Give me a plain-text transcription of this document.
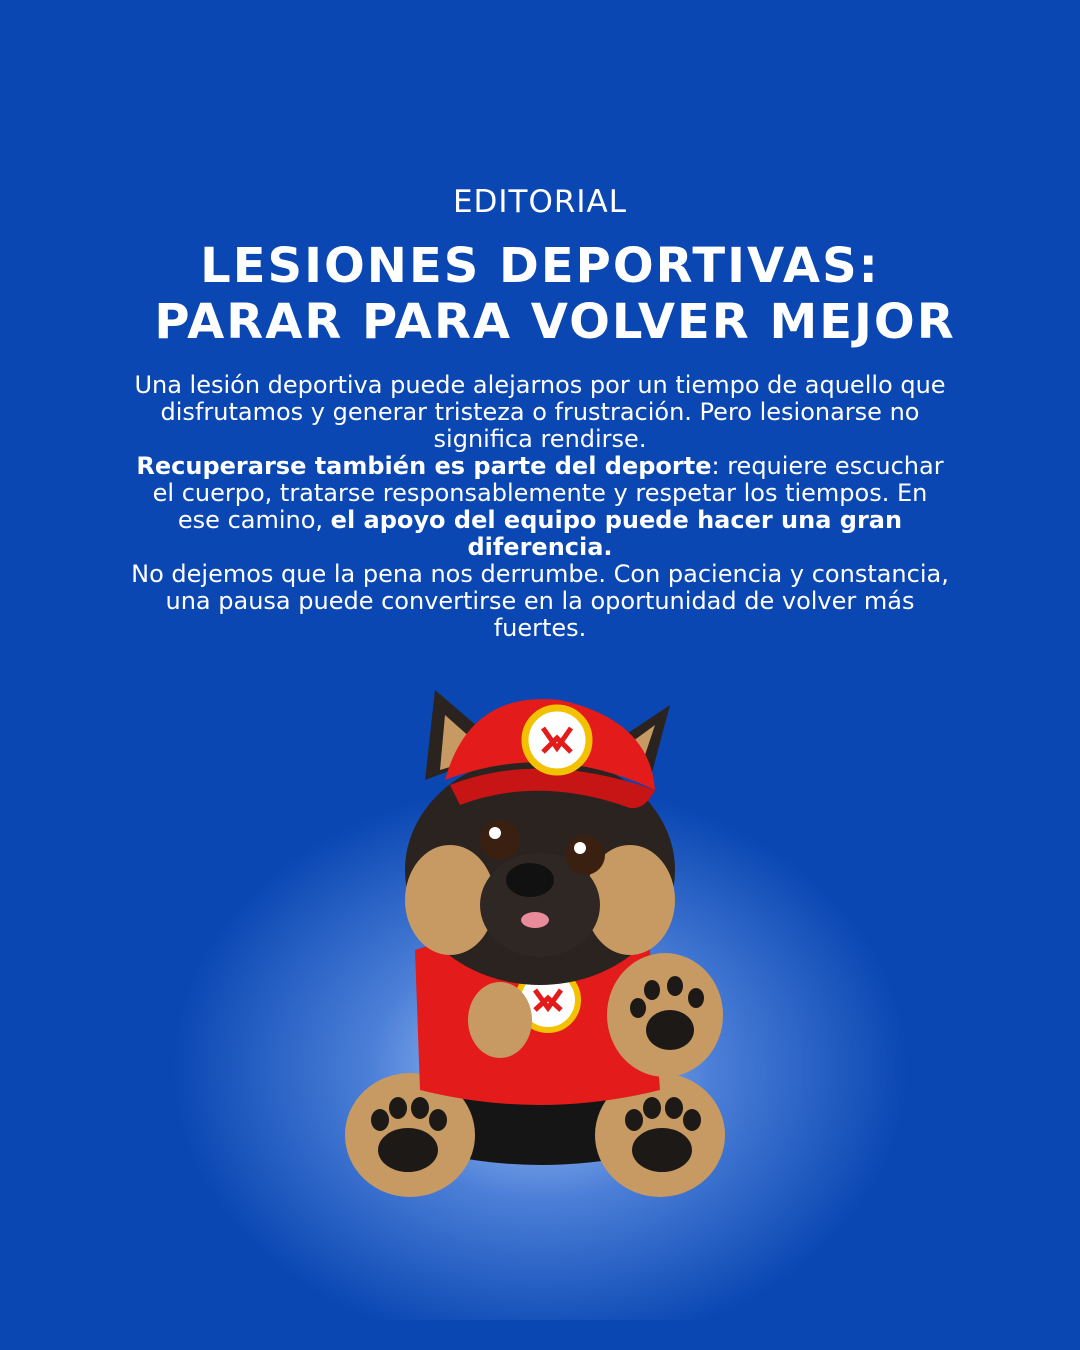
EDITORIAL
LESIONES DEPORTIVAS:
PARAR PARA VOLVER MEJOR

Una lesión deportiva puede alejarnos por un tiempo de aquello que disfrutamos y generar tristeza o frustración. Pero lesionarse no significa rendirse.
Recuperarse también es parte del deporte: requiere escuchar el cuerpo, tratarse responsablemente y respetar los tiempos. En ese camino, el apoyo del equipo puede hacer una gran diferencia.
No dejemos que la pena nos derrumbe. Con paciencia y constancia, una pausa puede convertirse en la oportunidad de volver más fuertes.
